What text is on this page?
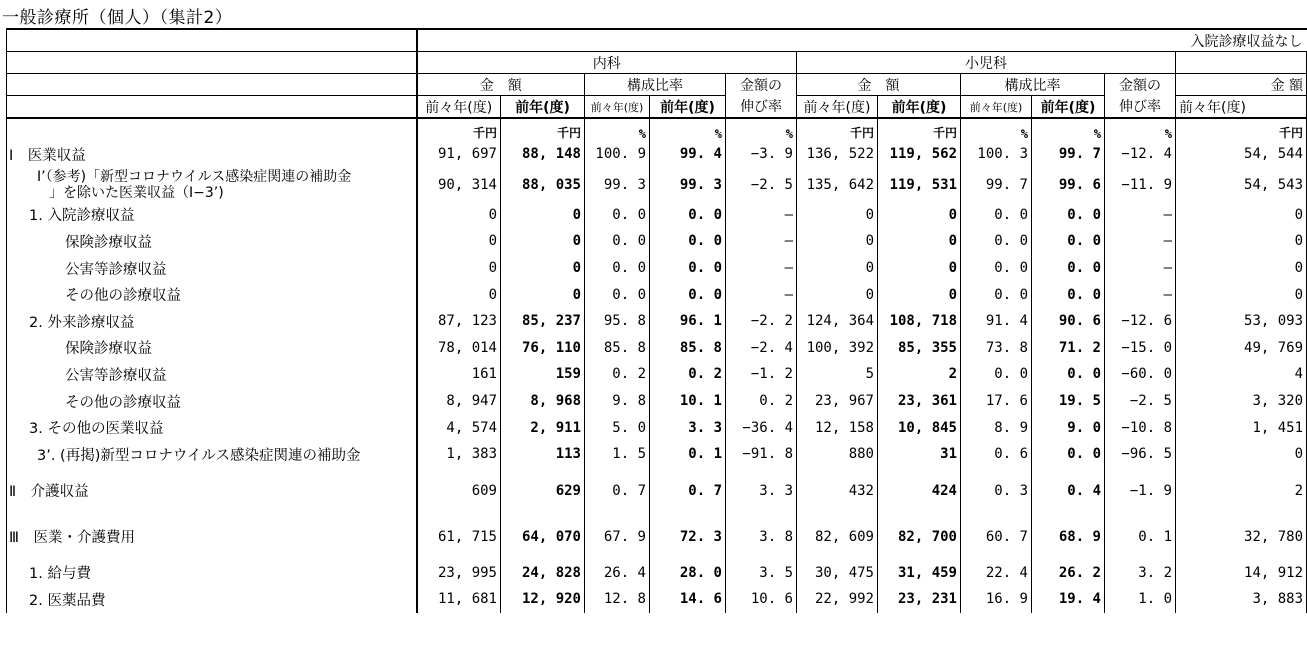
一般診療所（個人）（集計2）
	入院診療収益なし										
	内科					小児科					
	金　額		構成比率		金額の	金　額		構成比率		金額の	金 額
	前々年(度)	前年(度)	前々年(度)	前年(度)	伸び率	前々年(度)	前年(度)	前々年(度)	前年(度)	伸び率	前々年(度)
	千円	千円	%	%	%	千円	千円	%	%	%	千円
Ⅰ　医業収益	91, 697	88, 148	100. 9	99. 4	−3. 9	136, 522	119, 562	100. 3	99. 7	−12. 4	54, 544

Ⅰ’（参考)「新型コロナウイルス感染症関連の補助金
」を除いた医業収益（Ⅰ−3’)	90, 314	88, 035	99. 3	99. 3	−2. 5	135, 642	119, 531	99. 7	99. 6	−11. 9	54, 543
1. 入院診療収益	0	0	0. 0	0. 0	—	0	0	0. 0	0. 0	—	0
保険診療収益	0	0	0. 0	0. 0	—	0	0	0. 0	0. 0	—	0
公害等診療収益	0	0	0. 0	0. 0	—	0	0	0. 0	0. 0	—	0
その他の診療収益	0	0	0. 0	0. 0	—	0	0	0. 0	0. 0	—	0
2. 外来診療収益	87, 123	85, 237	95. 8	96. 1	−2. 2	124, 364	108, 718	91. 4	90. 6	−12. 6	53, 093
保険診療収益	78, 014	76, 110	85. 8	85. 8	−2. 4	100, 392	85, 355	73. 8	71. 2	−15. 0	49, 769
公害等診療収益	161	159	0. 2	0. 2	−1. 2	5	2	0. 0	0. 0	−60. 0	4
その他の診療収益	8, 947	8, 968	9. 8	10. 1	0. 2	23, 967	23, 361	17. 6	19. 5	−2. 5	3, 320
3. その他の医業収益	4, 574	2, 911	5. 0	3. 3	−36. 4	12, 158	10, 845	8. 9	9. 0	−10. 8	1, 451
3’. (再掲)新型コロナウイルス感染症関連の補助金	1, 383	113	1. 5	0. 1	−91. 8	880	31	0. 6	0. 0	−96. 5	0
Ⅱ　介護収益	609	629	0. 7	0. 7	3. 3	432	424	0. 3	0. 4	−1. 9	2
Ⅲ　医業・介護費用	61, 715	64, 070	67. 9	72. 3	3. 8	82, 609	82, 700	60. 7	68. 9	0. 1	32, 780
1. 給与費	23, 995	24, 828	26. 4	28. 0	3. 5	30, 475	31, 459	22. 4	26. 2	3. 2	14, 912
2. 医薬品費	11, 681	12, 920	12. 8	14. 6	10. 6	22, 992	23, 231	16. 9	19. 4	1. 0	3, 883
